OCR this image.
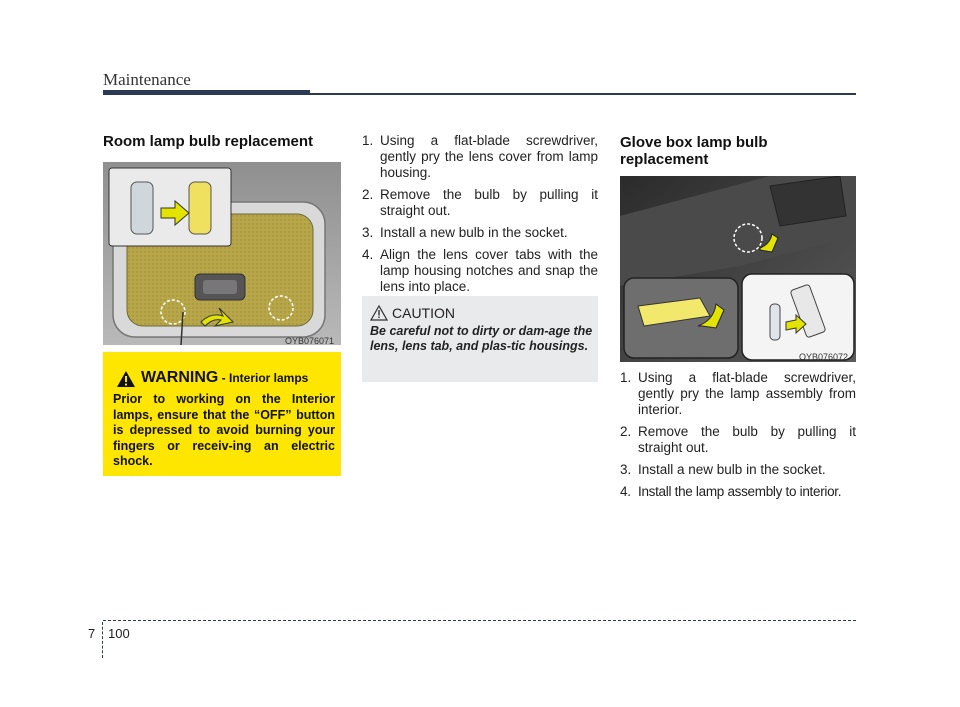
Maintenance
Room lamp bulb replacement
OYB076071
WARNING - Interior lamps
Prior to working on the Interior lamps, ensure that the “OFF” button is depressed to avoid burning your fingers or receiv-ing an electric shock.
1. Using a flat-blade screwdriver, gently pry the lens cover from lamp housing.
2. Remove the bulb by pulling it straight out.
3. Install a new bulb in the socket.
4. Align the lens cover tabs with the lamp housing notches and snap the lens into place.
CAUTION
Be careful not to dirty or dam-age the lens, lens tab, and plas-tic housings.
Glove box lamp bulb replacement
OYB076072
1. Using a flat-blade screwdriver, gently pry the lamp assembly from interior.
2. Remove the bulb by pulling it straight out.
3. Install a new bulb in the socket.
4. Install the lamp assembly to interior.
7 100
